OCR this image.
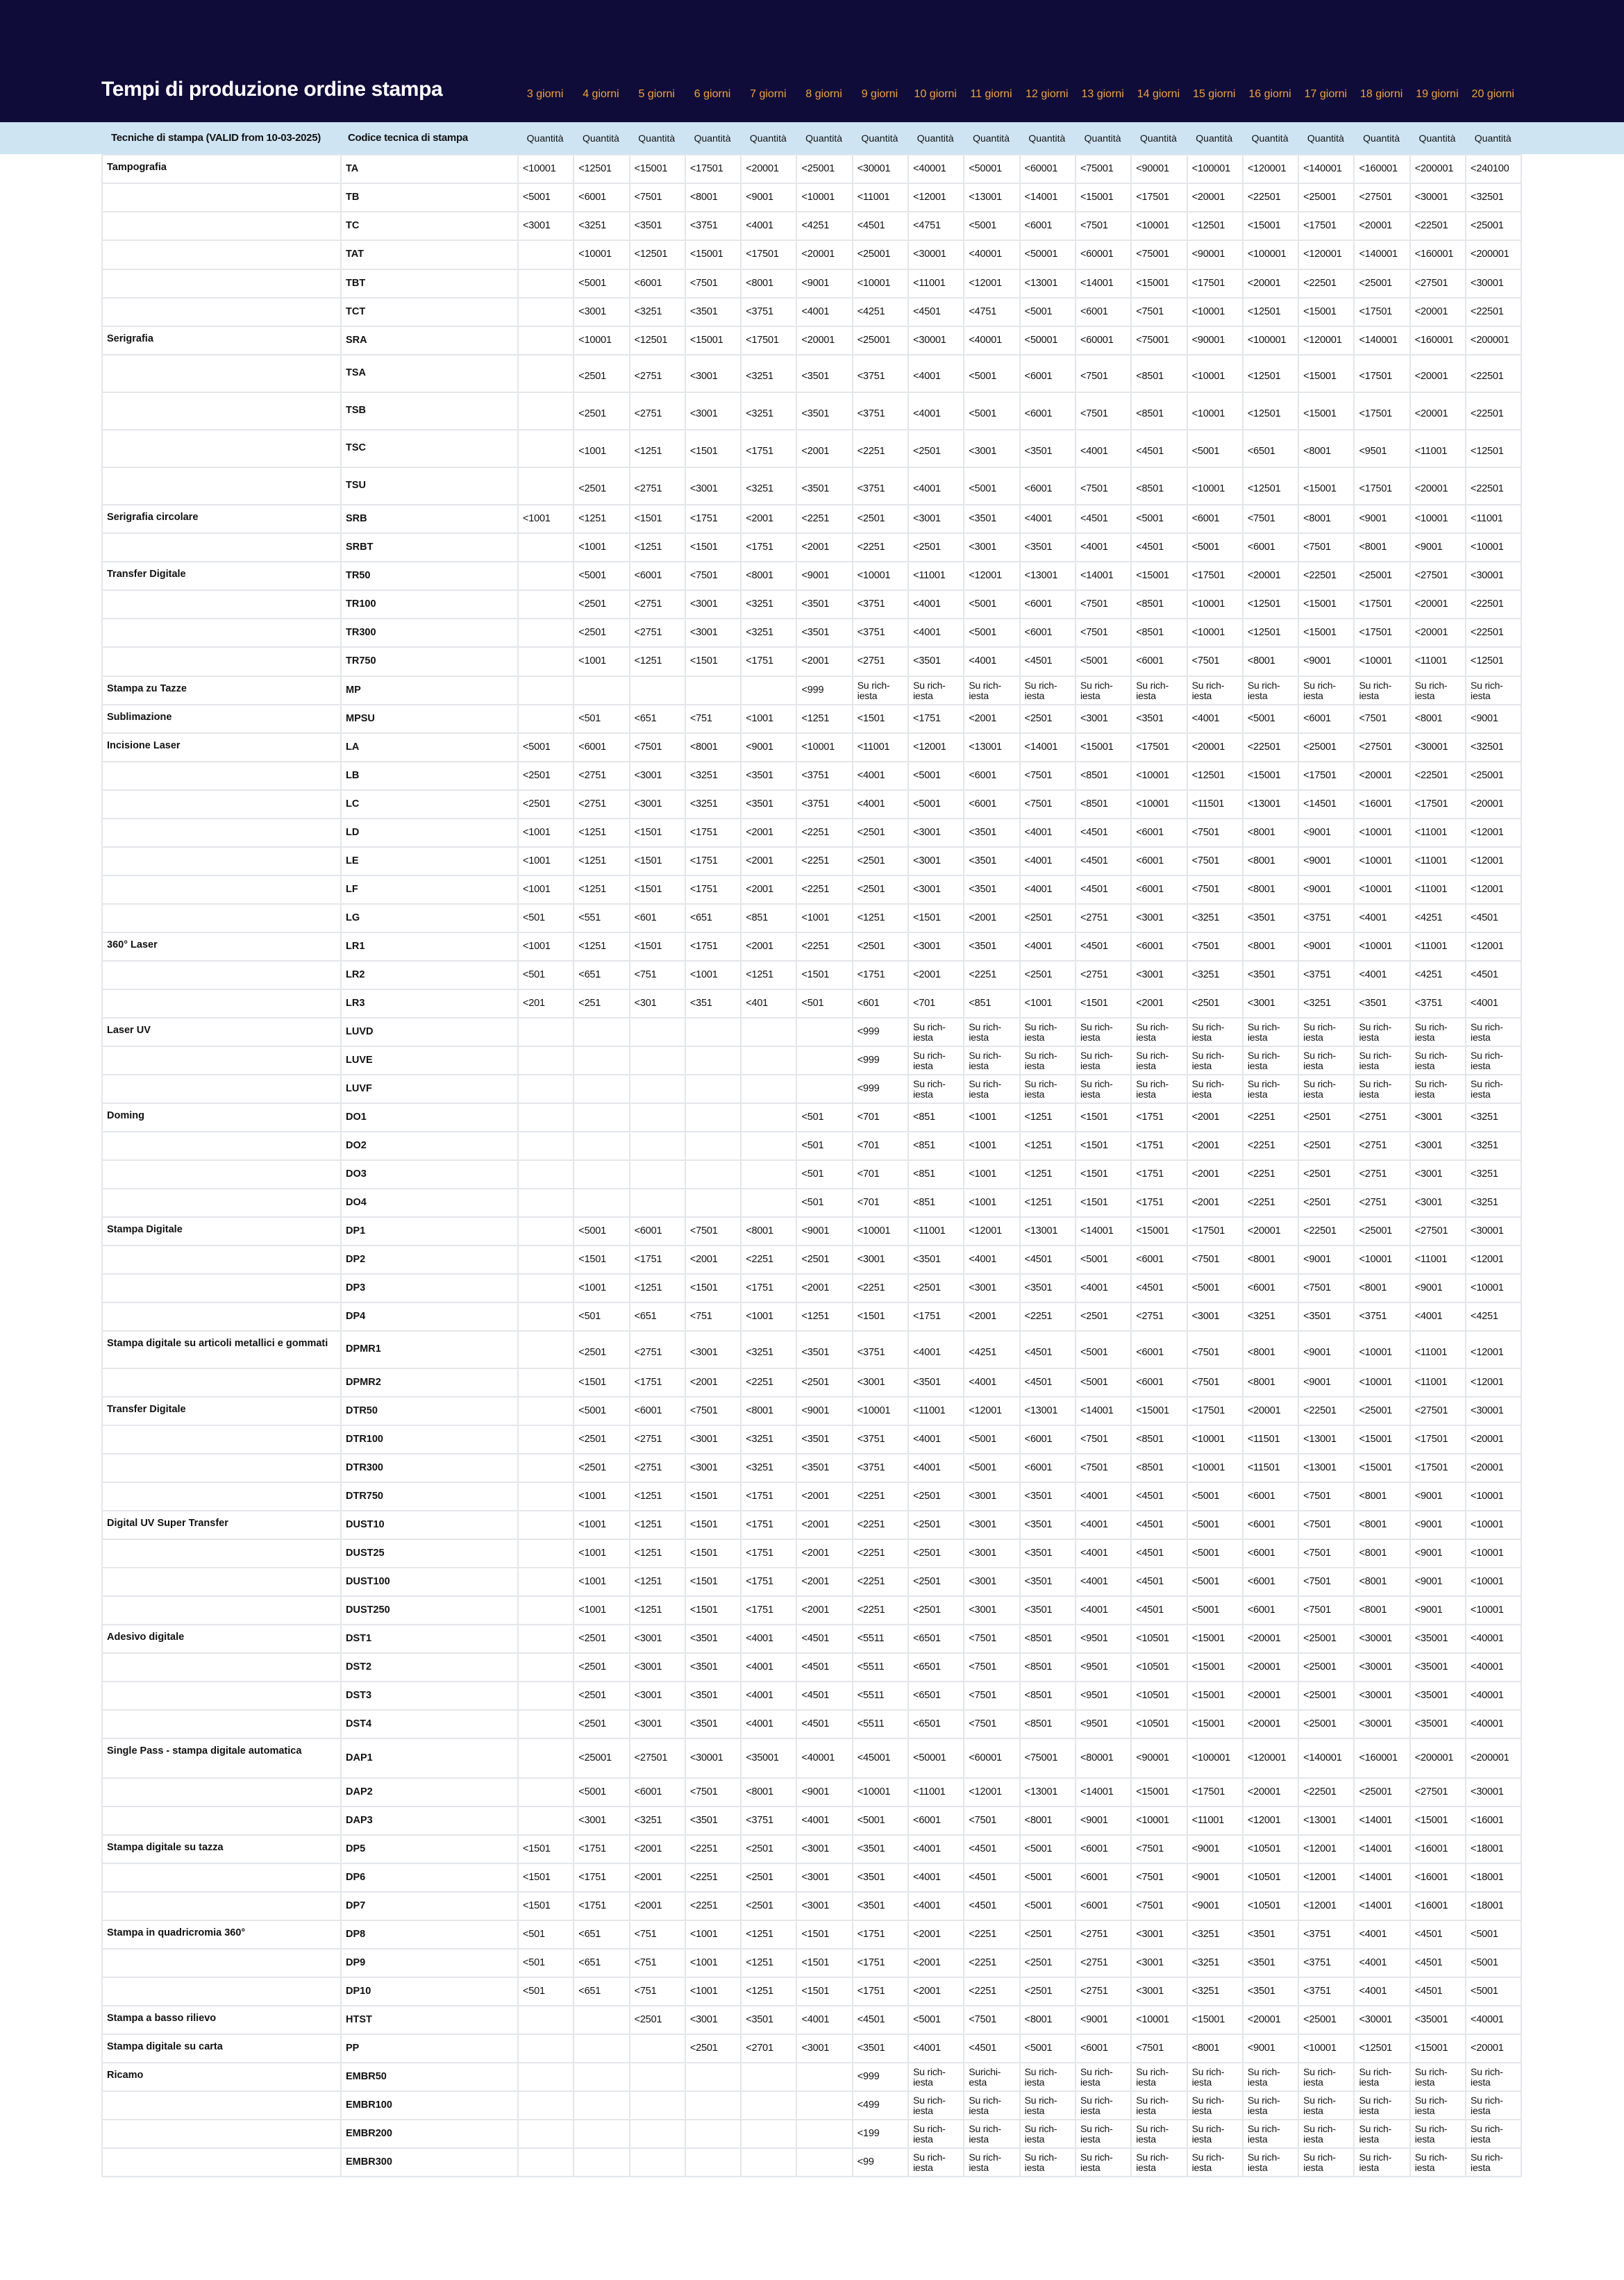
Tempi di produzione ordine stampa	3 giorni	4 giorni	5 giorni	6 giorni	7 giorni	8 giorni	9 giorni	10 giorni	11 giorni	12 giorni	13 giorni	14 giorni	15 giorni	16 giorni	17 giorni	18 giorni	19 giorni	20 giorni
Tecniche di stampa (VALID from 10-03-2025)	Codice tecnica di stampa	Quantità	Quantità	Quantità	Quantità	Quantità	Quantità	Quantità	Quantità	Quantità	Quantità	Quantità	Quantità	Quantità	Quantità	Quantità	Quantità	Quantità	Quantità
Tampografia	TA	<10001	<12501	<15001	<17501	<20001	<25001	<30001	<40001	<50001	<60001	<75001	<90001	<100001	<120001	<140001	<160001	<200001	<240100
	TB	<5001	<6001	<7501	<8001	<9001	<10001	<11001	<12001	<13001	<14001	<15001	<17501	<20001	<22501	<25001	<27501	<30001	<32501
	TC	<3001	<3251	<3501	<3751	<4001	<4251	<4501	<4751	<5001	<6001	<7501	<10001	<12501	<15001	<17501	<20001	<22501	<25001
	TAT		<10001	<12501	<15001	<17501	<20001	<25001	<30001	<40001	<50001	<60001	<75001	<90001	<100001	<120001	<140001	<160001	<200001
	TBT		<5001	<6001	<7501	<8001	<9001	<10001	<11001	<12001	<13001	<14001	<15001	<17501	<20001	<22501	<25001	<27501	<30001
	TCT		<3001	<3251	<3501	<3751	<4001	<4251	<4501	<4751	<5001	<6001	<7501	<10001	<12501	<15001	<17501	<20001	<22501
Serigrafia	SRA		<10001	<12501	<15001	<17501	<20001	<25001	<30001	<40001	<50001	<60001	<75001	<90001	<100001	<120001	<140001	<160001	<200001
	TSA		<2501	<2751	<3001	<3251	<3501	<3751	<4001	<5001	<6001	<7501	<8501	<10001	<12501	<15001	<17501	<20001	<22501
	TSB		<2501	<2751	<3001	<3251	<3501	<3751	<4001	<5001	<6001	<7501	<8501	<10001	<12501	<15001	<17501	<20001	<22501
	TSC		<1001	<1251	<1501	<1751	<2001	<2251	<2501	<3001	<3501	<4001	<4501	<5001	<6501	<8001	<9501	<11001	<12501
	TSU		<2501	<2751	<3001	<3251	<3501	<3751	<4001	<5001	<6001	<7501	<8501	<10001	<12501	<15001	<17501	<20001	<22501
Serigrafia circolare	SRB	<1001	<1251	<1501	<1751	<2001	<2251	<2501	<3001	<3501	<4001	<4501	<5001	<6001	<7501	<8001	<9001	<10001	<11001
	SRBT		<1001	<1251	<1501	<1751	<2001	<2251	<2501	<3001	<3501	<4001	<4501	<5001	<6001	<7501	<8001	<9001	<10001
Transfer Digitale	TR50		<5001	<6001	<7501	<8001	<9001	<10001	<11001	<12001	<13001	<14001	<15001	<17501	<20001	<22501	<25001	<27501	<30001
	TR100		<2501	<2751	<3001	<3251	<3501	<3751	<4001	<5001	<6001	<7501	<8501	<10001	<12501	<15001	<17501	<20001	<22501
	TR300		<2501	<2751	<3001	<3251	<3501	<3751	<4001	<5001	<6001	<7501	<8501	<10001	<12501	<15001	<17501	<20001	<22501
	TR750		<1001	<1251	<1501	<1751	<2001	<2751	<3501	<4001	<4501	<5001	<6001	<7501	<8001	<9001	<10001	<11001	<12501
Stampa zu Tazze	MP						<999	Su rich-iesta	Su rich-iesta	Su rich-iesta	Su rich-iesta	Su rich-iesta	Su rich-iesta	Su rich-iesta	Su rich-iesta	Su rich-iesta	Su rich-iesta	Su rich-iesta	Su rich-iesta
Sublimazione	MPSU		<501	<651	<751	<1001	<1251	<1501	<1751	<2001	<2501	<3001	<3501	<4001	<5001	<6001	<7501	<8001	<9001
Incisione Laser	LA	<5001	<6001	<7501	<8001	<9001	<10001	<11001	<12001	<13001	<14001	<15001	<17501	<20001	<22501	<25001	<27501	<30001	<32501
	LB	<2501	<2751	<3001	<3251	<3501	<3751	<4001	<5001	<6001	<7501	<8501	<10001	<12501	<15001	<17501	<20001	<22501	<25001
	LC	<2501	<2751	<3001	<3251	<3501	<3751	<4001	<5001	<6001	<7501	<8501	<10001	<11501	<13001	<14501	<16001	<17501	<20001
	LD	<1001	<1251	<1501	<1751	<2001	<2251	<2501	<3001	<3501	<4001	<4501	<6001	<7501	<8001	<9001	<10001	<11001	<12001
	LE	<1001	<1251	<1501	<1751	<2001	<2251	<2501	<3001	<3501	<4001	<4501	<6001	<7501	<8001	<9001	<10001	<11001	<12001
	LF	<1001	<1251	<1501	<1751	<2001	<2251	<2501	<3001	<3501	<4001	<4501	<6001	<7501	<8001	<9001	<10001	<11001	<12001
	LG	<501	<551	<601	<651	<851	<1001	<1251	<1501	<2001	<2501	<2751	<3001	<3251	<3501	<3751	<4001	<4251	<4501
360° Laser	LR1	<1001	<1251	<1501	<1751	<2001	<2251	<2501	<3001	<3501	<4001	<4501	<6001	<7501	<8001	<9001	<10001	<11001	<12001
	LR2	<501	<651	<751	<1001	<1251	<1501	<1751	<2001	<2251	<2501	<2751	<3001	<3251	<3501	<3751	<4001	<4251	<4501
	LR3	<201	<251	<301	<351	<401	<501	<601	<701	<851	<1001	<1501	<2001	<2501	<3001	<3251	<3501	<3751	<4001
Laser UV	LUVD							<999	Su rich-iesta	Su rich-iesta	Su rich-iesta	Su rich-iesta	Su rich-iesta	Su rich-iesta	Su rich-iesta	Su rich-iesta	Su rich-iesta	Su rich-iesta	Su rich-iesta
	LUVE							<999	Su rich-iesta	Su rich-iesta	Su rich-iesta	Su rich-iesta	Su rich-iesta	Su rich-iesta	Su rich-iesta	Su rich-iesta	Su rich-iesta	Su rich-iesta	Su rich-iesta
	LUVF							<999	Su rich-iesta	Su rich-iesta	Su rich-iesta	Su rich-iesta	Su rich-iesta	Su rich-iesta	Su rich-iesta	Su rich-iesta	Su rich-iesta	Su rich-iesta	Su rich-iesta
Doming	DO1						<501	<701	<851	<1001	<1251	<1501	<1751	<2001	<2251	<2501	<2751	<3001	<3251
	DO2						<501	<701	<851	<1001	<1251	<1501	<1751	<2001	<2251	<2501	<2751	<3001	<3251
	DO3						<501	<701	<851	<1001	<1251	<1501	<1751	<2001	<2251	<2501	<2751	<3001	<3251
	DO4						<501	<701	<851	<1001	<1251	<1501	<1751	<2001	<2251	<2501	<2751	<3001	<3251
Stampa Digitale	DP1		<5001	<6001	<7501	<8001	<9001	<10001	<11001	<12001	<13001	<14001	<15001	<17501	<20001	<22501	<25001	<27501	<30001
	DP2		<1501	<1751	<2001	<2251	<2501	<3001	<3501	<4001	<4501	<5001	<6001	<7501	<8001	<9001	<10001	<11001	<12001
	DP3		<1001	<1251	<1501	<1751	<2001	<2251	<2501	<3001	<3501	<4001	<4501	<5001	<6001	<7501	<8001	<9001	<10001
	DP4		<501	<651	<751	<1001	<1251	<1501	<1751	<2001	<2251	<2501	<2751	<3001	<3251	<3501	<3751	<4001	<4251
Stampa digitale su articoli metallici e gommati	DPMR1		<2501	<2751	<3001	<3251	<3501	<3751	<4001	<4251	<4501	<5001	<6001	<7501	<8001	<9001	<10001	<11001	<12001
	DPMR2		<1501	<1751	<2001	<2251	<2501	<3001	<3501	<4001	<4501	<5001	<6001	<7501	<8001	<9001	<10001	<11001	<12001
Transfer Digitale	DTR50		<5001	<6001	<7501	<8001	<9001	<10001	<11001	<12001	<13001	<14001	<15001	<17501	<20001	<22501	<25001	<27501	<30001
	DTR100		<2501	<2751	<3001	<3251	<3501	<3751	<4001	<5001	<6001	<7501	<8501	<10001	<11501	<13001	<15001	<17501	<20001
	DTR300		<2501	<2751	<3001	<3251	<3501	<3751	<4001	<5001	<6001	<7501	<8501	<10001	<11501	<13001	<15001	<17501	<20001
	DTR750		<1001	<1251	<1501	<1751	<2001	<2251	<2501	<3001	<3501	<4001	<4501	<5001	<6001	<7501	<8001	<9001	<10001
Digital UV Super Transfer	DUST10		<1001	<1251	<1501	<1751	<2001	<2251	<2501	<3001	<3501	<4001	<4501	<5001	<6001	<7501	<8001	<9001	<10001
	DUST25		<1001	<1251	<1501	<1751	<2001	<2251	<2501	<3001	<3501	<4001	<4501	<5001	<6001	<7501	<8001	<9001	<10001
	DUST100		<1001	<1251	<1501	<1751	<2001	<2251	<2501	<3001	<3501	<4001	<4501	<5001	<6001	<7501	<8001	<9001	<10001
	DUST250		<1001	<1251	<1501	<1751	<2001	<2251	<2501	<3001	<3501	<4001	<4501	<5001	<6001	<7501	<8001	<9001	<10001
Adesivo digitale	DST1		<2501	<3001	<3501	<4001	<4501	<5511	<6501	<7501	<8501	<9501	<10501	<15001	<20001	<25001	<30001	<35001	<40001
	DST2		<2501	<3001	<3501	<4001	<4501	<5511	<6501	<7501	<8501	<9501	<10501	<15001	<20001	<25001	<30001	<35001	<40001
	DST3		<2501	<3001	<3501	<4001	<4501	<5511	<6501	<7501	<8501	<9501	<10501	<15001	<20001	<25001	<30001	<35001	<40001
	DST4		<2501	<3001	<3501	<4001	<4501	<5511	<6501	<7501	<8501	<9501	<10501	<15001	<20001	<25001	<30001	<35001	<40001
Single Pass - stampa digitale automatica	DAP1		<25001	<27501	<30001	<35001	<40001	<45001	<50001	<60001	<75001	<80001	<90001	<100001	<120001	<140001	<160001	<200001	<200001
	DAP2		<5001	<6001	<7501	<8001	<9001	<10001	<11001	<12001	<13001	<14001	<15001	<17501	<20001	<22501	<25001	<27501	<30001
	DAP3		<3001	<3251	<3501	<3751	<4001	<5001	<6001	<7501	<8001	<9001	<10001	<11001	<12001	<13001	<14001	<15001	<16001
Stampa digitale su tazza	DP5	<1501	<1751	<2001	<2251	<2501	<3001	<3501	<4001	<4501	<5001	<6001	<7501	<9001	<10501	<12001	<14001	<16001	<18001
	DP6	<1501	<1751	<2001	<2251	<2501	<3001	<3501	<4001	<4501	<5001	<6001	<7501	<9001	<10501	<12001	<14001	<16001	<18001
	DP7	<1501	<1751	<2001	<2251	<2501	<3001	<3501	<4001	<4501	<5001	<6001	<7501	<9001	<10501	<12001	<14001	<16001	<18001
Stampa in quadricromia 360°	DP8	<501	<651	<751	<1001	<1251	<1501	<1751	<2001	<2251	<2501	<2751	<3001	<3251	<3501	<3751	<4001	<4501	<5001
	DP9	<501	<651	<751	<1001	<1251	<1501	<1751	<2001	<2251	<2501	<2751	<3001	<3251	<3501	<3751	<4001	<4501	<5001
	DP10	<501	<651	<751	<1001	<1251	<1501	<1751	<2001	<2251	<2501	<2751	<3001	<3251	<3501	<3751	<4001	<4501	<5001
Stampa a basso rilievo	HTST			<2501	<3001	<3501	<4001	<4501	<5001	<7501	<8001	<9001	<10001	<15001	<20001	<25001	<30001	<35001	<40001
Stampa digitale su carta	PP				<2501	<2701	<3001	<3501	<4001	<4501	<5001	<6001	<7501	<8001	<9001	<10001	<12501	<15001	<20001
Ricamo	EMBR50							<999	Su rich-iesta	Surichi-esta	Su rich-iesta	Su rich-iesta	Su rich-iesta	Su rich-iesta	Su rich-iesta	Su rich-iesta	Su rich-iesta	Su rich-iesta	Su rich-iesta
	EMBR100							<499	Su rich-iesta	Su rich-iesta	Su rich-iesta	Su rich-iesta	Su rich-iesta	Su rich-iesta	Su rich-iesta	Su rich-iesta	Su rich-iesta	Su rich-iesta	Su rich-iesta
	EMBR200							<199	Su rich-iesta	Su rich-iesta	Su rich-iesta	Su rich-iesta	Su rich-iesta	Su rich-iesta	Su rich-iesta	Su rich-iesta	Su rich-iesta	Su rich-iesta	Su rich-iesta
	EMBR300							<99	Su rich-iesta	Su rich-iesta	Su rich-iesta	Su rich-iesta	Su rich-iesta	Su rich-iesta	Su rich-iesta	Su rich-iesta	Su rich-iesta	Su rich-iesta	Su rich-iesta
